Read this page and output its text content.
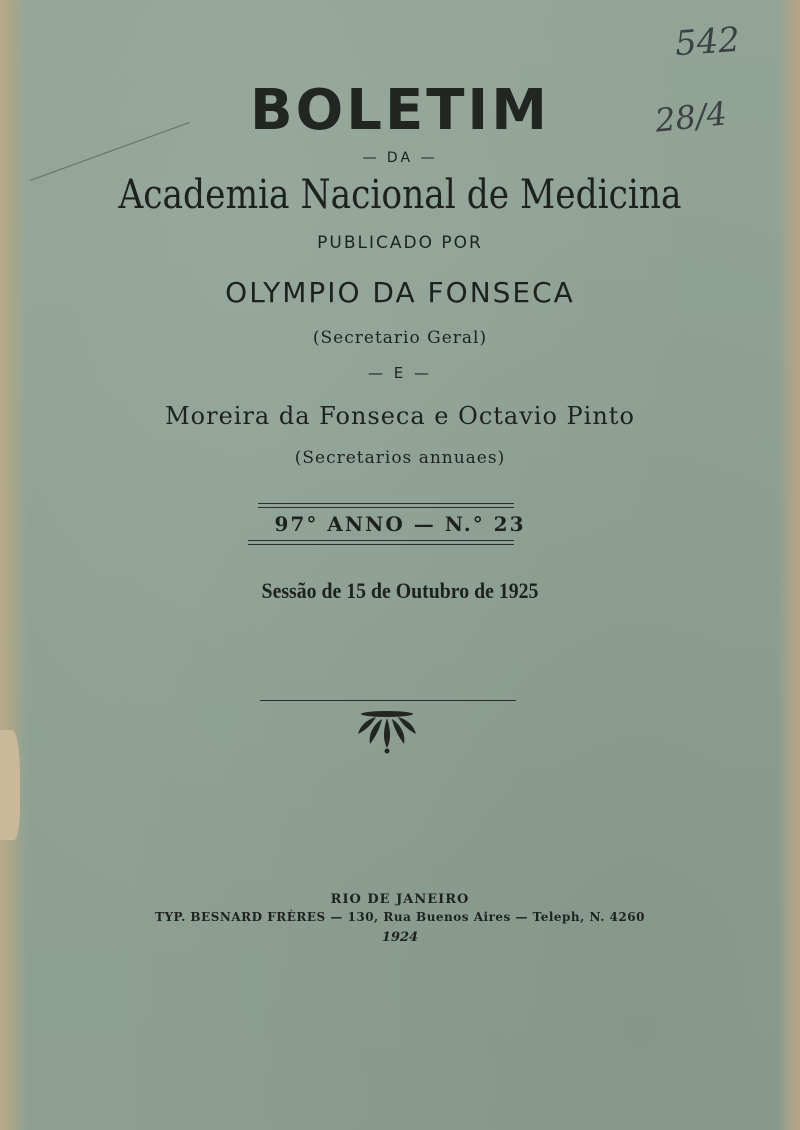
542
28/4
BOLETIM
— DA —
Academia Nacional de Medicina
PUBLICADO POR
OLYMPIO DA FONSECA
(Secretario Geral)
— E —
Moreira da Fonseca e Octavio Pinto
(Secretarios annuaes)
97° ANNO — N.° 23
Sessão de 15 de Outubro de 1925
RIO DE JANEIRO
TYP. BESNARD FRÈRES — 130, Rua Buenos Aires — Teleph, N. 4260
1924
